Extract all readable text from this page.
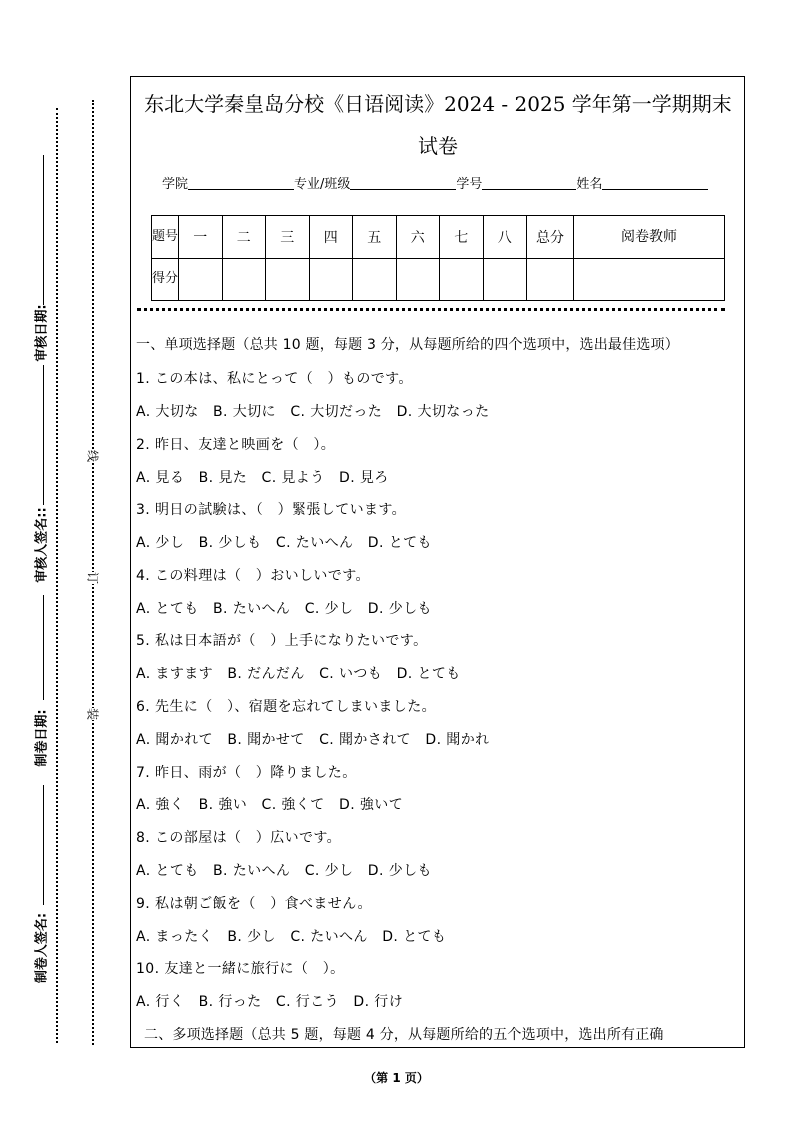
审核日期:
审核人签名::
制卷日期:
制卷人签名:
线
订
装
东北大学秦皇岛分校《日语阅读》2024 - 2025 学年第一学期期末
试卷
学院	专业/班级	学号	姓名
题号	一	二	三	四	五	六	七	八	总分	阅卷教师
得分										
一、单项选择题（总共 10 题，每题 3 分，从每题所给的四个选项中，选出最佳选项）
1. この本は、私にとって（　）ものです。
A. 大切な　B. 大切に　C. 大切だった　D. 大切なった
2. 昨日、友達と映画を（　）。
A. 見る　B. 見た　C. 見よう　D. 見ろ
3. 明日の試験は、（　）緊張しています。
A. 少し　B. 少しも　C. たいへん　D. とても
4. この料理は（　）おいしいです。
A. とても　B. たいへん　C. 少し　D. 少しも
5. 私は日本語が（　）上手になりたいです。
A. ますます　B. だんだん　C. いつも　D. とても
6. 先生に（　）、宿題を忘れてしまいました。
A. 聞かれて　B. 聞かせて　C. 聞かされて　D. 聞かれ
7. 昨日、雨が（　）降りました。
A. 強く　B. 強い　C. 強くて　D. 強いて
8. この部屋は（　）広いです。
A. とても　B. たいへん　C. 少し　D. 少しも
9. 私は朝ご飯を（　）食べません。
A. まったく　B. 少し　C. たいへん　D. とても
10. 友達と一緒に旅行に（　）。
A. 行く　B. 行った　C. 行こう　D. 行け
二、多项选择题（总共 5 题，每题 4 分，从每题所给的五个选项中，选出所有正确
（第 1 页）
